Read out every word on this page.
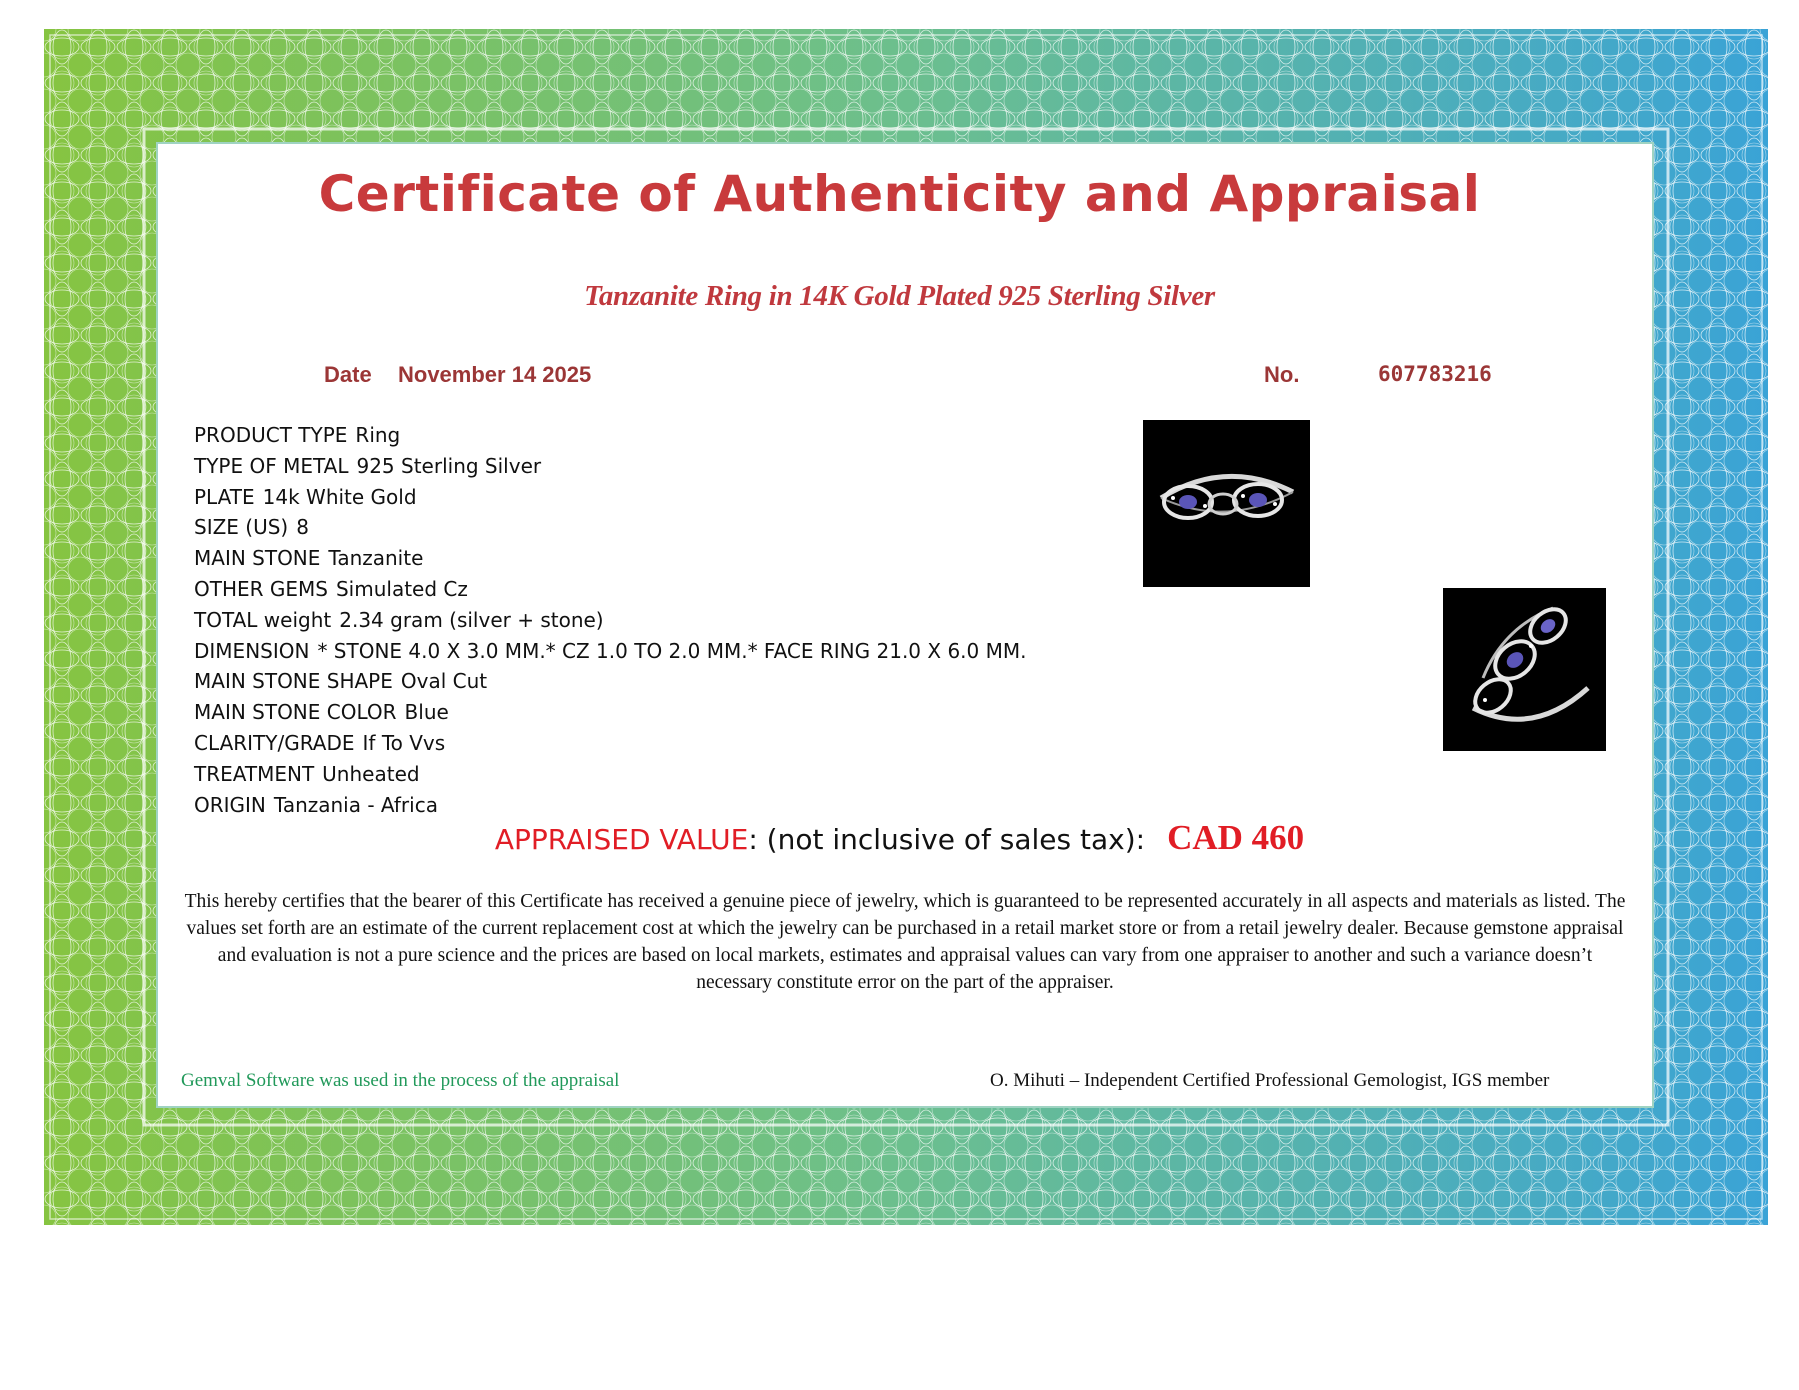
Certificate of Authenticity and Appraisal
Tanzanite Ring in 14K Gold Plated 925 Sterling Silver
Date November 14 2025	No.	607783216
PRODUCT TYPE Ring
TYPE OF METAL 925 Sterling Silver
PLATE 14k White Gold
SIZE (US) 8
MAIN STONE Tanzanite
OTHER GEMS Simulated Cz
TOTAL weight 2.34 gram (silver + stone)
DIMENSION * STONE 4.0 X 3.0 MM.* CZ 1.0 TO 2.0 MM.* FACE RING 21.0 X 6.0 MM.
MAIN STONE SHAPE Oval Cut
MAIN STONE COLOR Blue
CLARITY/GRADE If To Vvs
TREATMENT Unheated
ORIGIN Tanzania - Africa
APPRAISED VALUE: (not inclusive of sales tax): CAD 460
This hereby certifies that the bearer of this Certificate has received a genuine piece of jewelry, which is guaranteed to be represented accurately in all aspects and materials as listed. The values set forth are an estimate of the current replacement cost at which the jewelry can be purchased in a retail market store or from a retail jewelry dealer. Because gemstone appraisal and evaluation is not a pure science and the prices are based on local markets, estimates and appraisal values can vary from one appraiser to another and such a variance doesn’t necessary constitute error on the part of the appraiser.
Gemval Software was used in the process of the appraisal	O. Mihuti – Independent Certified Professional Gemologist, IGS member
